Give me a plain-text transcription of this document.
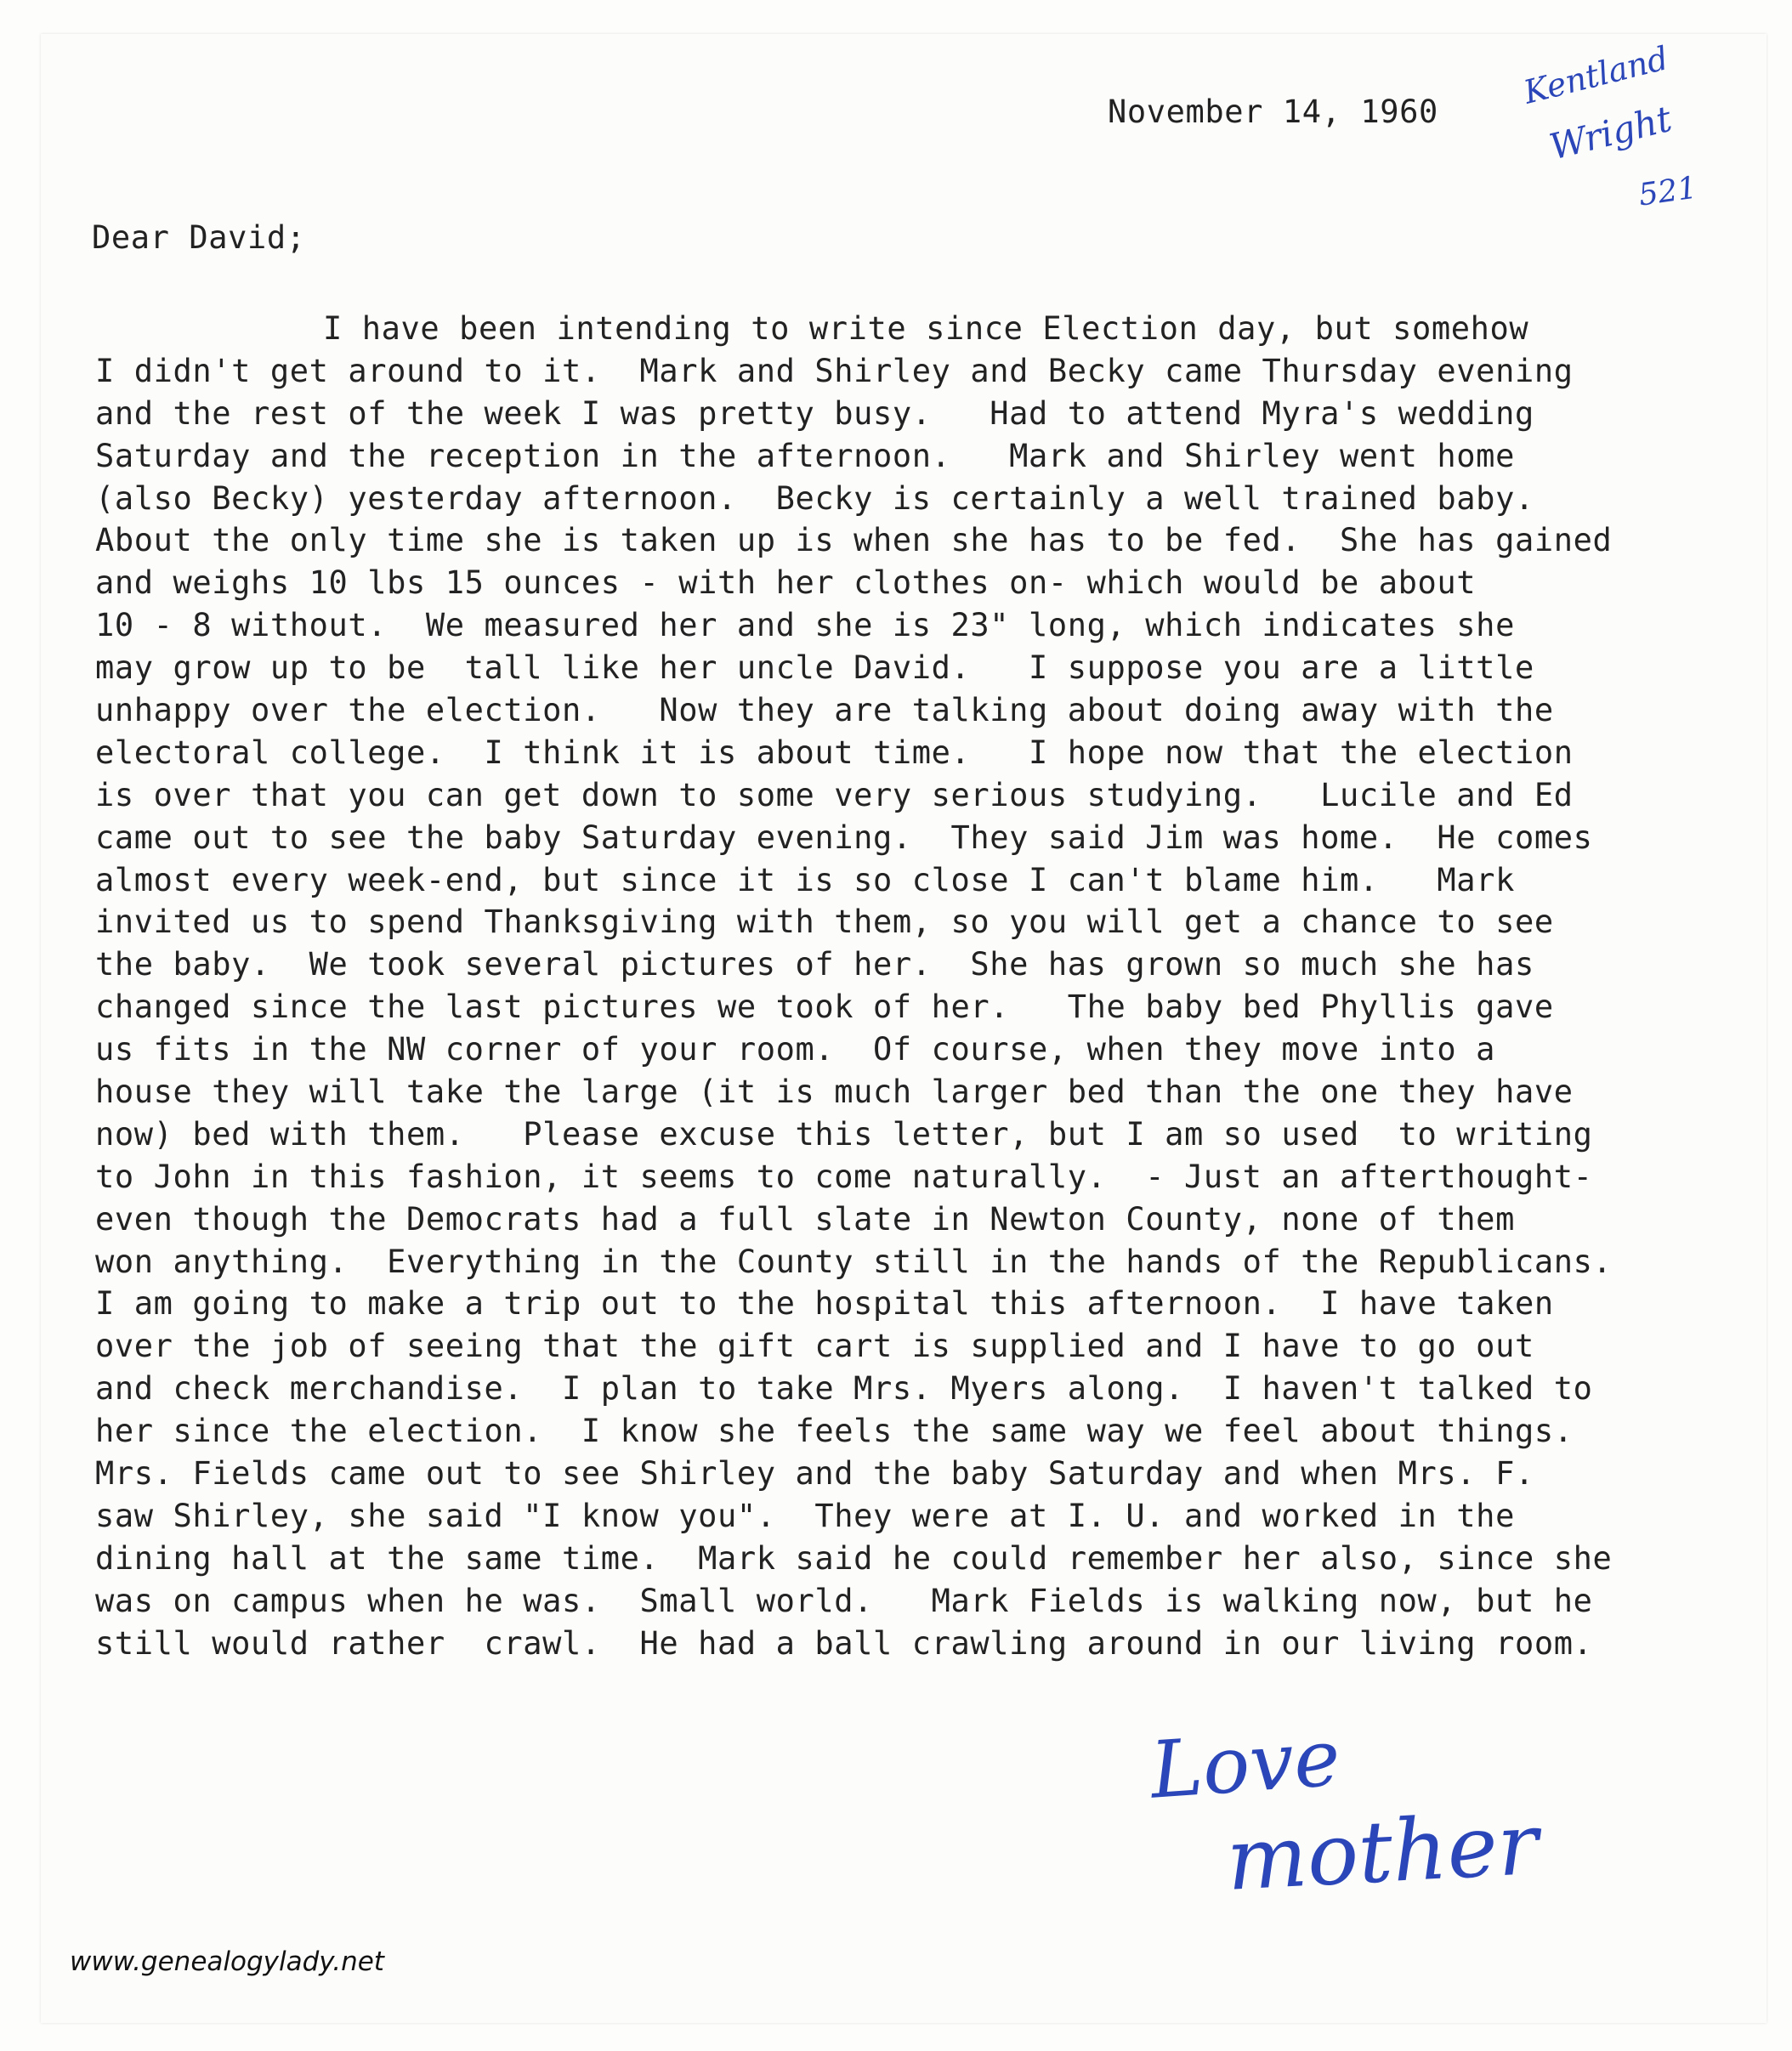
Kentland
Wright
521
November 14, 1960
Dear David;
I have been intending to write since Election day, but somehow
I didn't get around to it.  Mark and Shirley and Becky came Thursday evening
and the rest of the week I was pretty busy.   Had to attend Myra's wedding
Saturday and the reception in the afternoon.   Mark and Shirley went home
(also Becky) yesterday afternoon.  Becky is certainly a well trained baby.
About the only time she is taken up is when she has to be fed.  She has gained
and weighs 10 lbs 15 ounces - with her clothes on- which would be about
10 - 8 without.  We measured her and she is 23" long, which indicates she
may grow up to be  tall like her uncle David.   I suppose you are a little
unhappy over the election.   Now they are talking about doing away with the
electoral college.  I think it is about time.   I hope now that the election
is over that you can get down to some very serious studying.   Lucile and Ed
came out to see the baby Saturday evening.  They said Jim was home.  He comes
almost every week-end, but since it is so close I can't blame him.   Mark
invited us to spend Thanksgiving with them, so you will get a chance to see
the baby.  We took several pictures of her.  She has grown so much she has
changed since the last pictures we took of her.   The baby bed Phyllis gave
us fits in the NW corner of your room.  Of course, when they move into a
house they will take the large (it is much larger bed than the one they have
now) bed with them.   Please excuse this letter, but I am so used  to writing
to John in this fashion, it seems to come naturally.  - Just an afterthought-
even though the Democrats had a full slate in Newton County, none of them
won anything.  Everything in the County still in the hands of the Republicans.
I am going to make a trip out to the hospital this afternoon.  I have taken
over the job of seeing that the gift cart is supplied and I have to go out
and check merchandise.  I plan to take Mrs. Myers along.  I haven't talked to
her since the election.  I know she feels the same way we feel about things.
Mrs. Fields came out to see Shirley and the baby Saturday and when Mrs. F.
saw Shirley, she said "I know you".  They were at I. U. and worked in the
dining hall at the same time.  Mark said he could remember her also, since she
was on campus when he was.  Small world.   Mark Fields is walking now, but he
still would rather  crawl.  He had a ball crawling around in our living room.
Love
mother
www.genealogylady.net
